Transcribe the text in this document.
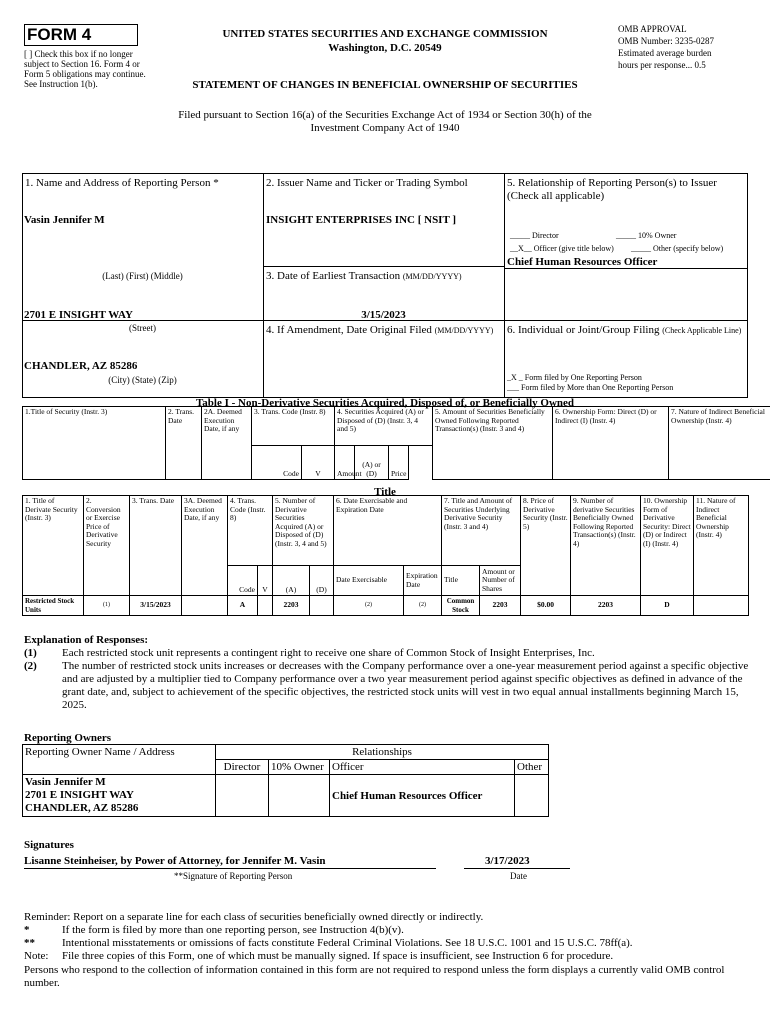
FORM 4
[ ] Check this box if no longer subject to Section 16. Form 4 or Form 5 obligations may continue. See Instruction 1(b).
UNITED STATES SECURITIES AND EXCHANGE COMMISSION
Washington, D.C. 20549
STATEMENT OF CHANGES IN BENEFICIAL OWNERSHIP OF SECURITIES
OMB APPROVAL
OMB Number: 3235-0287
Estimated average burden
hours per response... 0.5
Filed pursuant to Section 16(a) of the Securities Exchange Act of 1934 or Section 30(h) of the
Investment Company Act of 1940
1. Name and Address of Reporting Person *
Vasin Jennifer M
(Last) (First) (Middle)
2701 E INSIGHT WAY
(Street)
CHANDLER, AZ 85286
(City) (State) (Zip)
2. Issuer Name and Ticker or Trading Symbol
INSIGHT ENTERPRISES INC [ NSIT ]
3. Date of Earliest Transaction (MM/DD/YYYY)
3/15/2023
4. If Amendment, Date Original Filed (MM/DD/YYYY)
5. Relationship of Reporting Person(s) to Issuer
(Check all applicable)
_____ Director	_____ 10% Owner
__X__ Officer (give title below) _____ Other (specify below)
Chief Human Resources Officer
6. Individual or Joint/Group Filing (Check Applicable Line)
_X _ Form filed by One Reporting Person
___ Form filed by More than One Reporting Person
Table I - Non-Derivative Securities Acquired, Disposed of, or Beneficially Owned
1.Title of Security (Instr. 3)	2. Trans. Date	2A. Deemed Execution Date, if any	3. Trans. Code (Instr. 8)		4. Securities Acquired (A) or Disposed of (D) (Instr. 3, 4 and 5)			5. Amount of Securities Beneficially Owned Following Reported Transaction(s) (Instr. 3 and 4)	6. Ownership Form: Direct (D) or Indirect (I) (Instr. 4)	7. Nature of Indirect Beneficial Ownership (Instr. 4)
			Code	V	Amount	(A) or (D)	Price			
Title
1. Title of Derivate Security (Instr. 3)	2. Conversion or Exercise Price of Derivative Security	3. Trans. Date	3A. Deemed Execution Date, if any	4. Trans. Code (Instr. 8)		5. Number of Derivative Securities Acquired (A) or Disposed of (D) (Instr. 3, 4 and 5)		6. Date Exercisable and Expiration Date		7. Title and Amount of Securities Underlying Derivative Security (Instr. 3 and 4)		8. Price of Derivative Security (Instr. 5)	9. Number of derivative Securities Beneficially Owned Following Reported Transaction(s) (Instr. 4)	10. Ownership Form of Derivative Security: Direct (D) or Indirect (I) (Instr. 4)	11. Nature of Indirect Beneficial Ownership (Instr. 4)
				Code	V	(A)	(D)	Date Exercisable	Expiration Date	Title	Amount or Number of Shares				
Restricted Stock Units	(1)	3/15/2023		A		2203		(2)	(2)	Common Stock	2203	$0.00	2203	D	
Explanation of Responses:
(1) Each restricted stock unit represents a contingent right to receive one share of Common Stock of Insight Enterprises, Inc.
(2) The number of restricted stock units increases or decreases with the Company performance over a one-year measurement period against a specific objective and are adjusted by a multiplier tied to Company performance over a two year measurement period against specific objectives as defined in advance of the grant date, and, subject to achievement of the specific objectives, the restricted stock units will vest in two equal annual installments beginning March 15, 2025.
Reporting Owners
Reporting Owner Name / Address	Relationships			
	Director	10% Owner	Officer	Other

Vasin Jennifer M
2701 E INSIGHT WAY
CHANDLER, AZ 85286			Chief Human Resources Officer	
Signatures
Lisanne Steinheiser, by Power of Attorney, for Jennifer M. Vasin	3/17/2023
**Signature of Reporting Person	Date
Reminder: Report on a separate line for each class of securities beneficially owned directly or indirectly.
*	If the form is filed by more than one reporting person, see Instruction 4(b)(v).
** Intentional misstatements or omissions of facts constitute Federal Criminal Violations. See 18 U.S.C. 1001 and 15 U.S.C. 78ff(a).
Note: File three copies of this Form, one of which must be manually signed. If space is insufficient, see Instruction 6 for procedure.
Persons who respond to the collection of information contained in this form are not required to respond unless the form displays a currently valid OMB control number.
